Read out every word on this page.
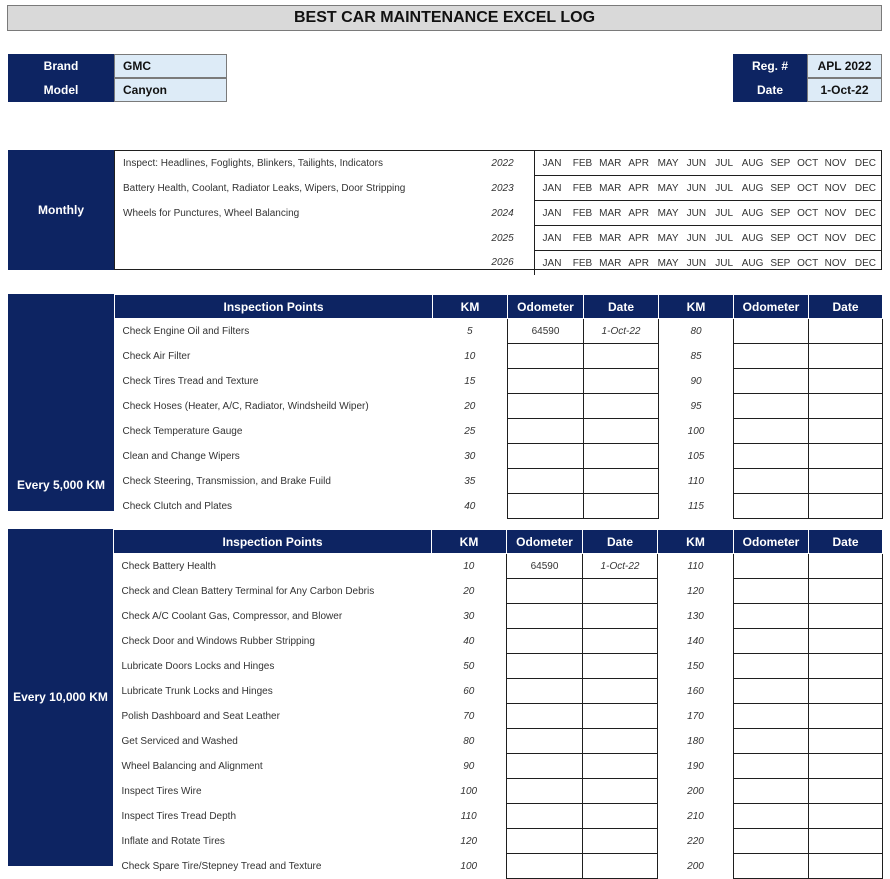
BEST CAR MAINTENANCE EXCEL LOG
Brand	GMC
Model	Canyon
Reg. #	APL 2022
Date	1-Oct-22
Monthly
Inspect: Headlines, Foglights, Blinkers, Tailights, Indicators	2022		JAN	FEB	MAR	APR	MAY	JUN	JUL	AUG	SEP	OCT	NOV	DEC
Battery Health, Coolant, Radiator Leaks, Wipers, Door Stripping	2023		JAN	FEB	MAR	APR	MAY	JUN	JUL	AUG	SEP	OCT	NOV	DEC
Wheels for Punctures, Wheel Balancing	2024		JAN	FEB	MAR	APR	MAY	JUN	JUL	AUG	SEP	OCT	NOV	DEC
	2025		JAN	FEB	MAR	APR	MAY	JUN	JUL	AUG	SEP	OCT	NOV	DEC
	2026		JAN	FEB	MAR	APR	MAY	JUN	JUL	AUG	SEP	OCT	NOV	DEC
Every 5,000 KM
Inspection Points	KM	Odometer	Date	KM	Odometer	Date
Check Engine Oil and Filters	5	64590	1-Oct-22	80		
Check Air Filter	10			85		
Check Tires Tread and Texture	15			90		
Check Hoses (Heater, A/C, Radiator, Windsheild Wiper)	20			95		
Check Temperature Gauge	25			100		
Clean and Change Wipers	30			105		
Check Steering, Transmission, and Brake Fuild	35			110		
Check Clutch and Plates	40			115		
Every 10,000 KM
Inspection Points	KM	Odometer	Date	KM	Odometer	Date
Check Battery Health	10	64590	1-Oct-22	110		
Check and Clean Battery Terminal for Any Carbon Debris	20			120		
Check A/C Coolant Gas, Compressor, and Blower	30			130		
Check Door and Windows Rubber Stripping	40			140		
Lubricate Doors Locks and Hinges	50			150		
Lubricate Trunk Locks and Hinges	60			160		
Polish Dashboard and Seat Leather	70			170		
Get Serviced and Washed	80			180		
Wheel Balancing and Alignment	90			190		
Inspect Tires Wire	100			200		
Inspect Tires Tread Depth	110			210		
Inflate and Rotate Tires	120			220		
Check Spare Tire/Stepney Tread and Texture	100			200		
